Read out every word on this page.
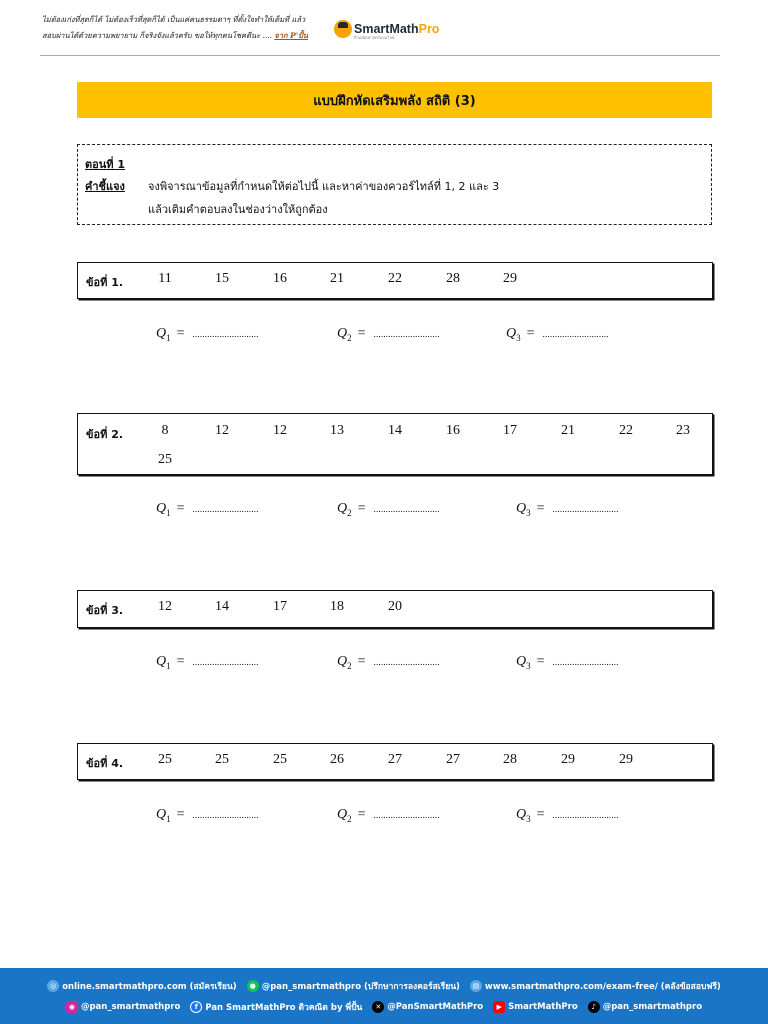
ไม่ต้องเก่งที่สุดก็ได้ ไม่ต้องเร็วที่สุดก็ได้ เป็นแค่คนธรรมดาๆ ที่ตั้งใจทำให้เต็มที่ แล้ว
สอบผ่านได้ด้วยความพยายาม ก็จริงจังแล้วครับ ขอให้ทุกคนโชคดีนะ .... จาก P'ปั้น	SmartMathPro
ติวคณิตศาสตร์ออนไลน์
แบบฝึกหัดเสริมพลัง สถิติ (3)
ตอนที่ 1
คำชี้แจง จงพิจารณาข้อมูลที่กำหนดให้ต่อไปนี้ และหาค่าของควอร์ไทล์ที่ 1, 2 และ 3
แล้วเติมคำตอบลงในช่องว่างให้ถูกต้อง
ข้อที่ 1.	11	15	16	21	22	28	29
$Q_1$ = ...........................	$Q_2$ = ...........................	$Q_3$ = ...........................
ข้อที่ 2.	8	12	12	13	14	16	17	21	22	23
25
$Q_1$ = ...........................	$Q_2$ = ...........................	$Q_3$ = ...........................
ข้อที่ 3.	12	14	17	18	20
$Q_1$ = ...........................	$Q_2$ = ...........................	$Q_3$ = ...........................
ข้อที่ 4.	25	25	25	26	27	27	28	29	29
$Q_1$ = ...........................	$Q_2$ = ...........................	$Q_3$ = ...........................
◎ online.smartmathpro.com (สมัครเรียน)	● @pan_smartmathpro (ปรึกษาการลงคอร์สเรียน)	▤ www.smartmathpro.com/exam-free/ (คลังข้อสอบฟรี)
◉ @pan_smartmathpro	f Pan SmartMathPro ติวคณิต by พี่ปั้น	✕ @PanSmartMathPro	▶ SmartMathPro	♪ @pan_smartmathpro
